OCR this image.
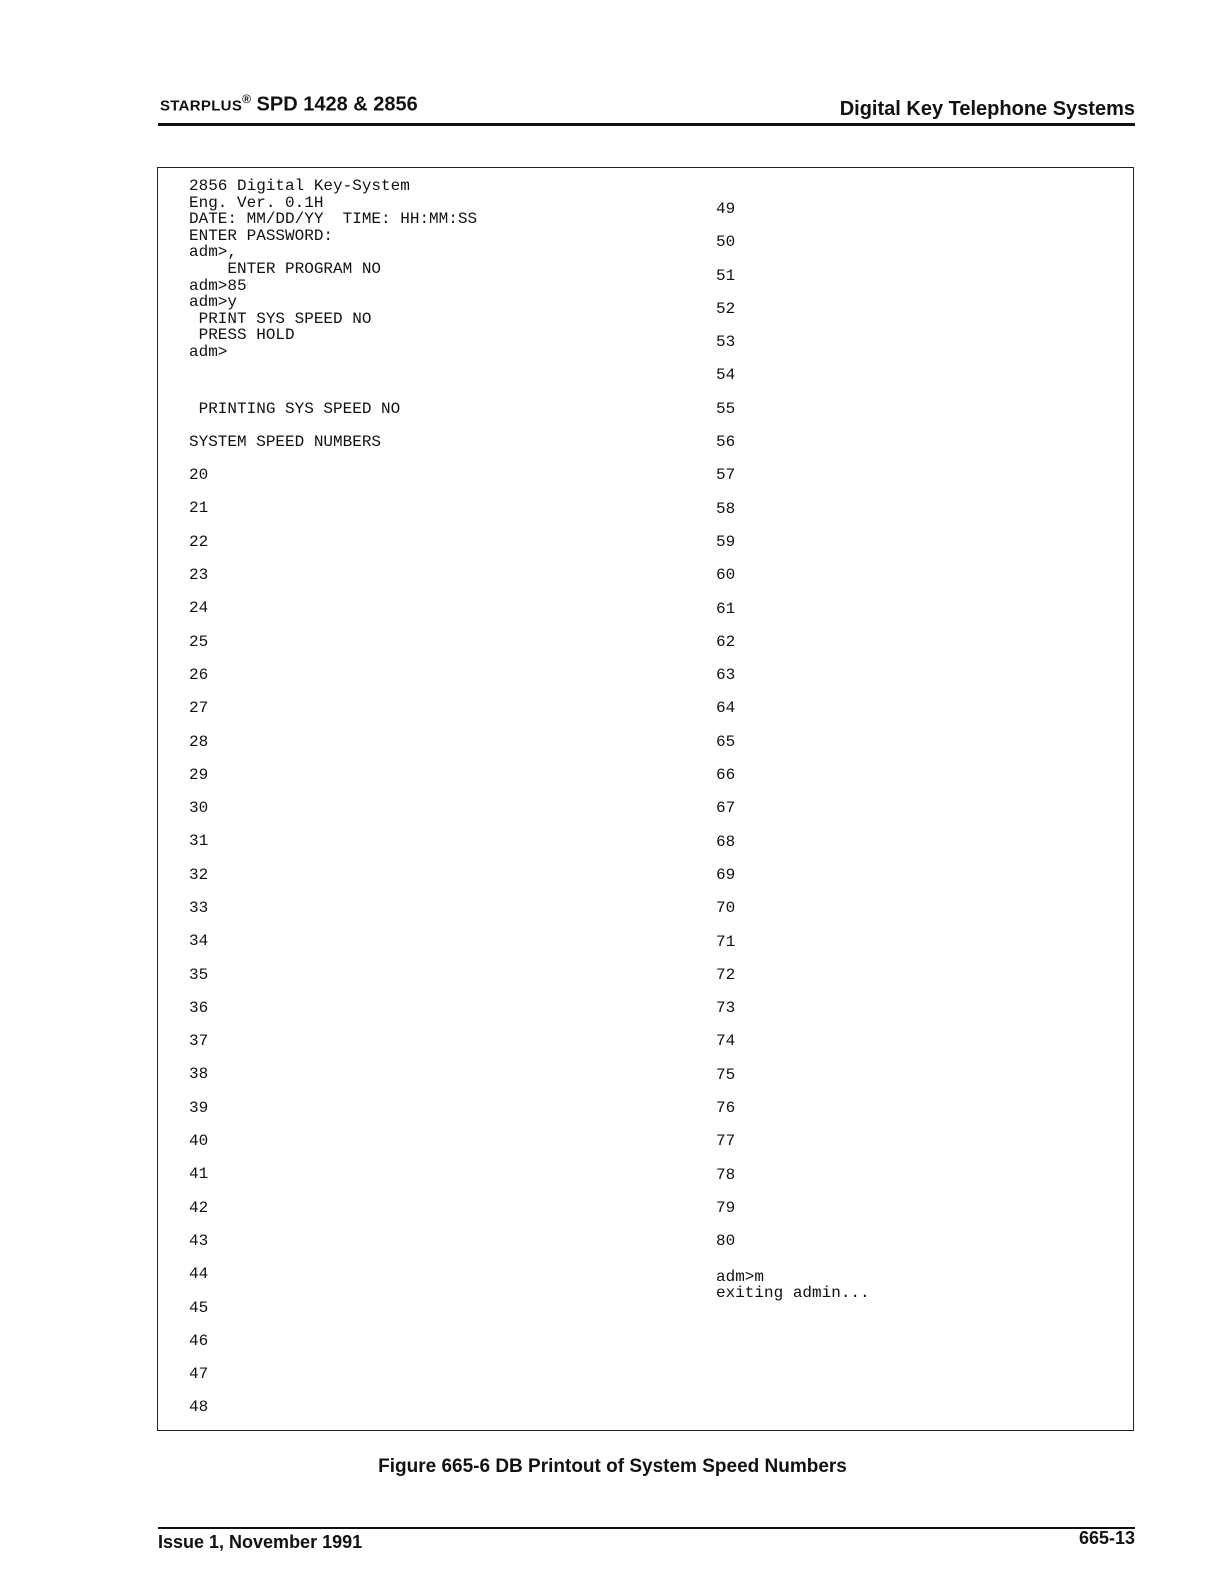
STARPLUS® SPD 1428 & 2856	Digital Key Telephone Systems
2856 Digital Key-System
Eng. Ver. 0.1H
DATE: MM/DD/YY  TIME: HH:MM:SS
ENTER PASSWORD:
adm>,
ENTER PROGRAM NO
adm>85
adm>y
PRINT SYS SPEED NO
PRESS HOLD
adm>
PRINTING SYS SPEED NO
SYSTEM SPEED NUMBERS
20
21
22
23
24
25
26
27
28
29
30
31
32
33
34
35
36
37
38
39
40
41
42
43
44
45
46
47
48
49
50
51
52
53
54
55
56
57
58
59
60
61
62
63
64
65
66
67
68
69
70
71
72
73
74
75
76
77
78
79
80
adm>m
exiting admin...
Figure 665-6 DB Printout of System Speed Numbers
Issue 1, November 1991	665-13
